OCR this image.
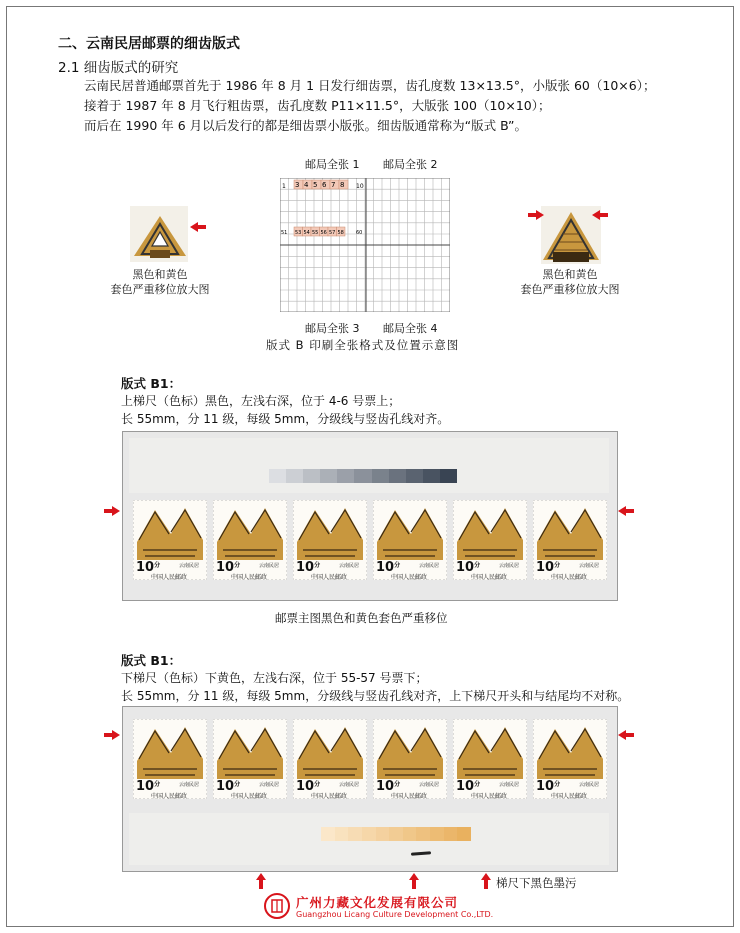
二、云南民居邮票的细齿版式
2.1 细齿版式的研究
云南民居普通邮票首先于 1986 年 8 月 1 日发行细齿票，齿孔度数 13×13.5°，小版张 60（10×6）；
接着于 1987 年 8 月飞行粗齿票，齿孔度数 P11×11.5°，大版张 100（10×10）；
而后在 1990 年 6 月以后发行的都是细齿票小版张。细齿版通常称为“版式 B”。
邮局全张 1 邮局全张 2
3 4 5 6 7 8
53 54 55 56 57 58
1	10
51	60
邮局全张 3 邮局全张 4
版式 B 印刷全张格式及位置示意图
黑色和黄色
套色严重移位放大图
黑色和黄色
套色严重移位放大图
版式 B1：
上梯尺（色标）黑色，左浅右深，位于 4-6 号票上；
长 55mm，分 11 级，每级 5mm，分级线与竖齿孔线对齐。
$10^分$
中国人民邮政
云南民居 $10^分$
中国人民邮政
云南民居 $10^分$
中国人民邮政
云南民居 $10^分$
中国人民邮政
云南民居 $10^分$
中国人民邮政
云南民居 $10^分$
中国人民邮政
云南民居
邮票主图黑色和黄色套色严重移位
版式 B1：
下梯尺（色标）下黄色，左浅右深，位于 55-57 号票下；
长 55mm，分 11 级，每级 5mm，分级线与竖齿孔线对齐，上下梯尺开头和与结尾均不对称。
$10^分$
中国人民邮政
云南民居 $10^分$
中国人民邮政
云南民居 $10^分$
中国人民邮政
云南民居 $10^分$
中国人民邮政
云南民居 $10^分$
中国人民邮政
云南民居 $10^分$
中国人民邮政
云南民居
梯尺下黑色墨污
广州力藏文化发展有限公司
Guangzhou Licang Culture Development Co.,LTD.
